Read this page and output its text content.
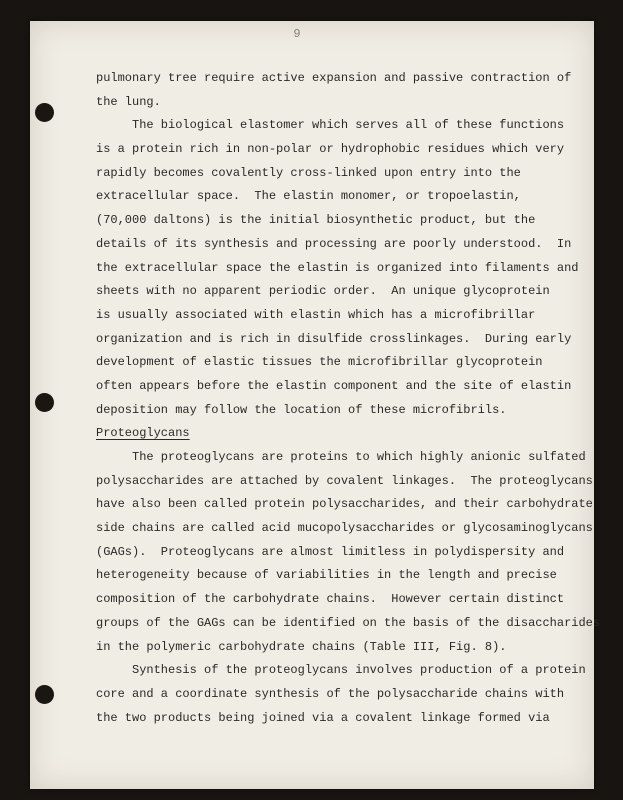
9
pulmonary tree require active expansion and passive contraction of
the lung.
The biological elastomer which serves all of these functions
is a protein rich in non-polar or hydrophobic residues which very
rapidly becomes covalently cross-linked upon entry into the
extracellular space.  The elastin monomer, or tropoelastin,
(70,000 daltons) is the initial biosynthetic product, but the
details of its synthesis and processing are poorly understood.  In
the extracellular space the elastin is organized into filaments and
sheets with no apparent periodic order.  An unique glycoprotein
is usually associated with elastin which has a microfibrillar
organization and is rich in disulfide crosslinkages.  During early
development of elastic tissues the microfibrillar glycoprotein
often appears before the elastin component and the site of elastin
deposition may follow the location of these microfibrils.
Proteoglycans
The proteoglycans are proteins to which highly anionic sulfated
polysaccharides are attached by covalent linkages.  The proteoglycans
have also been called protein polysaccharides, and their carbohydrate
side chains are called acid mucopolysaccharides or glycosaminoglycans
(GAGs).  Proteoglycans are almost limitless in polydispersity and
heterogeneity because of variabilities in the length and precise
composition of the carbohydrate chains.  However certain distinct
groups of the GAGs can be identified on the basis of the disaccharides
in the polymeric carbohydrate chains (Table III, Fig. 8).
Synthesis of the proteoglycans involves production of a protein
core and a coordinate synthesis of the polysaccharide chains with
the two products being joined via a covalent linkage formed via
